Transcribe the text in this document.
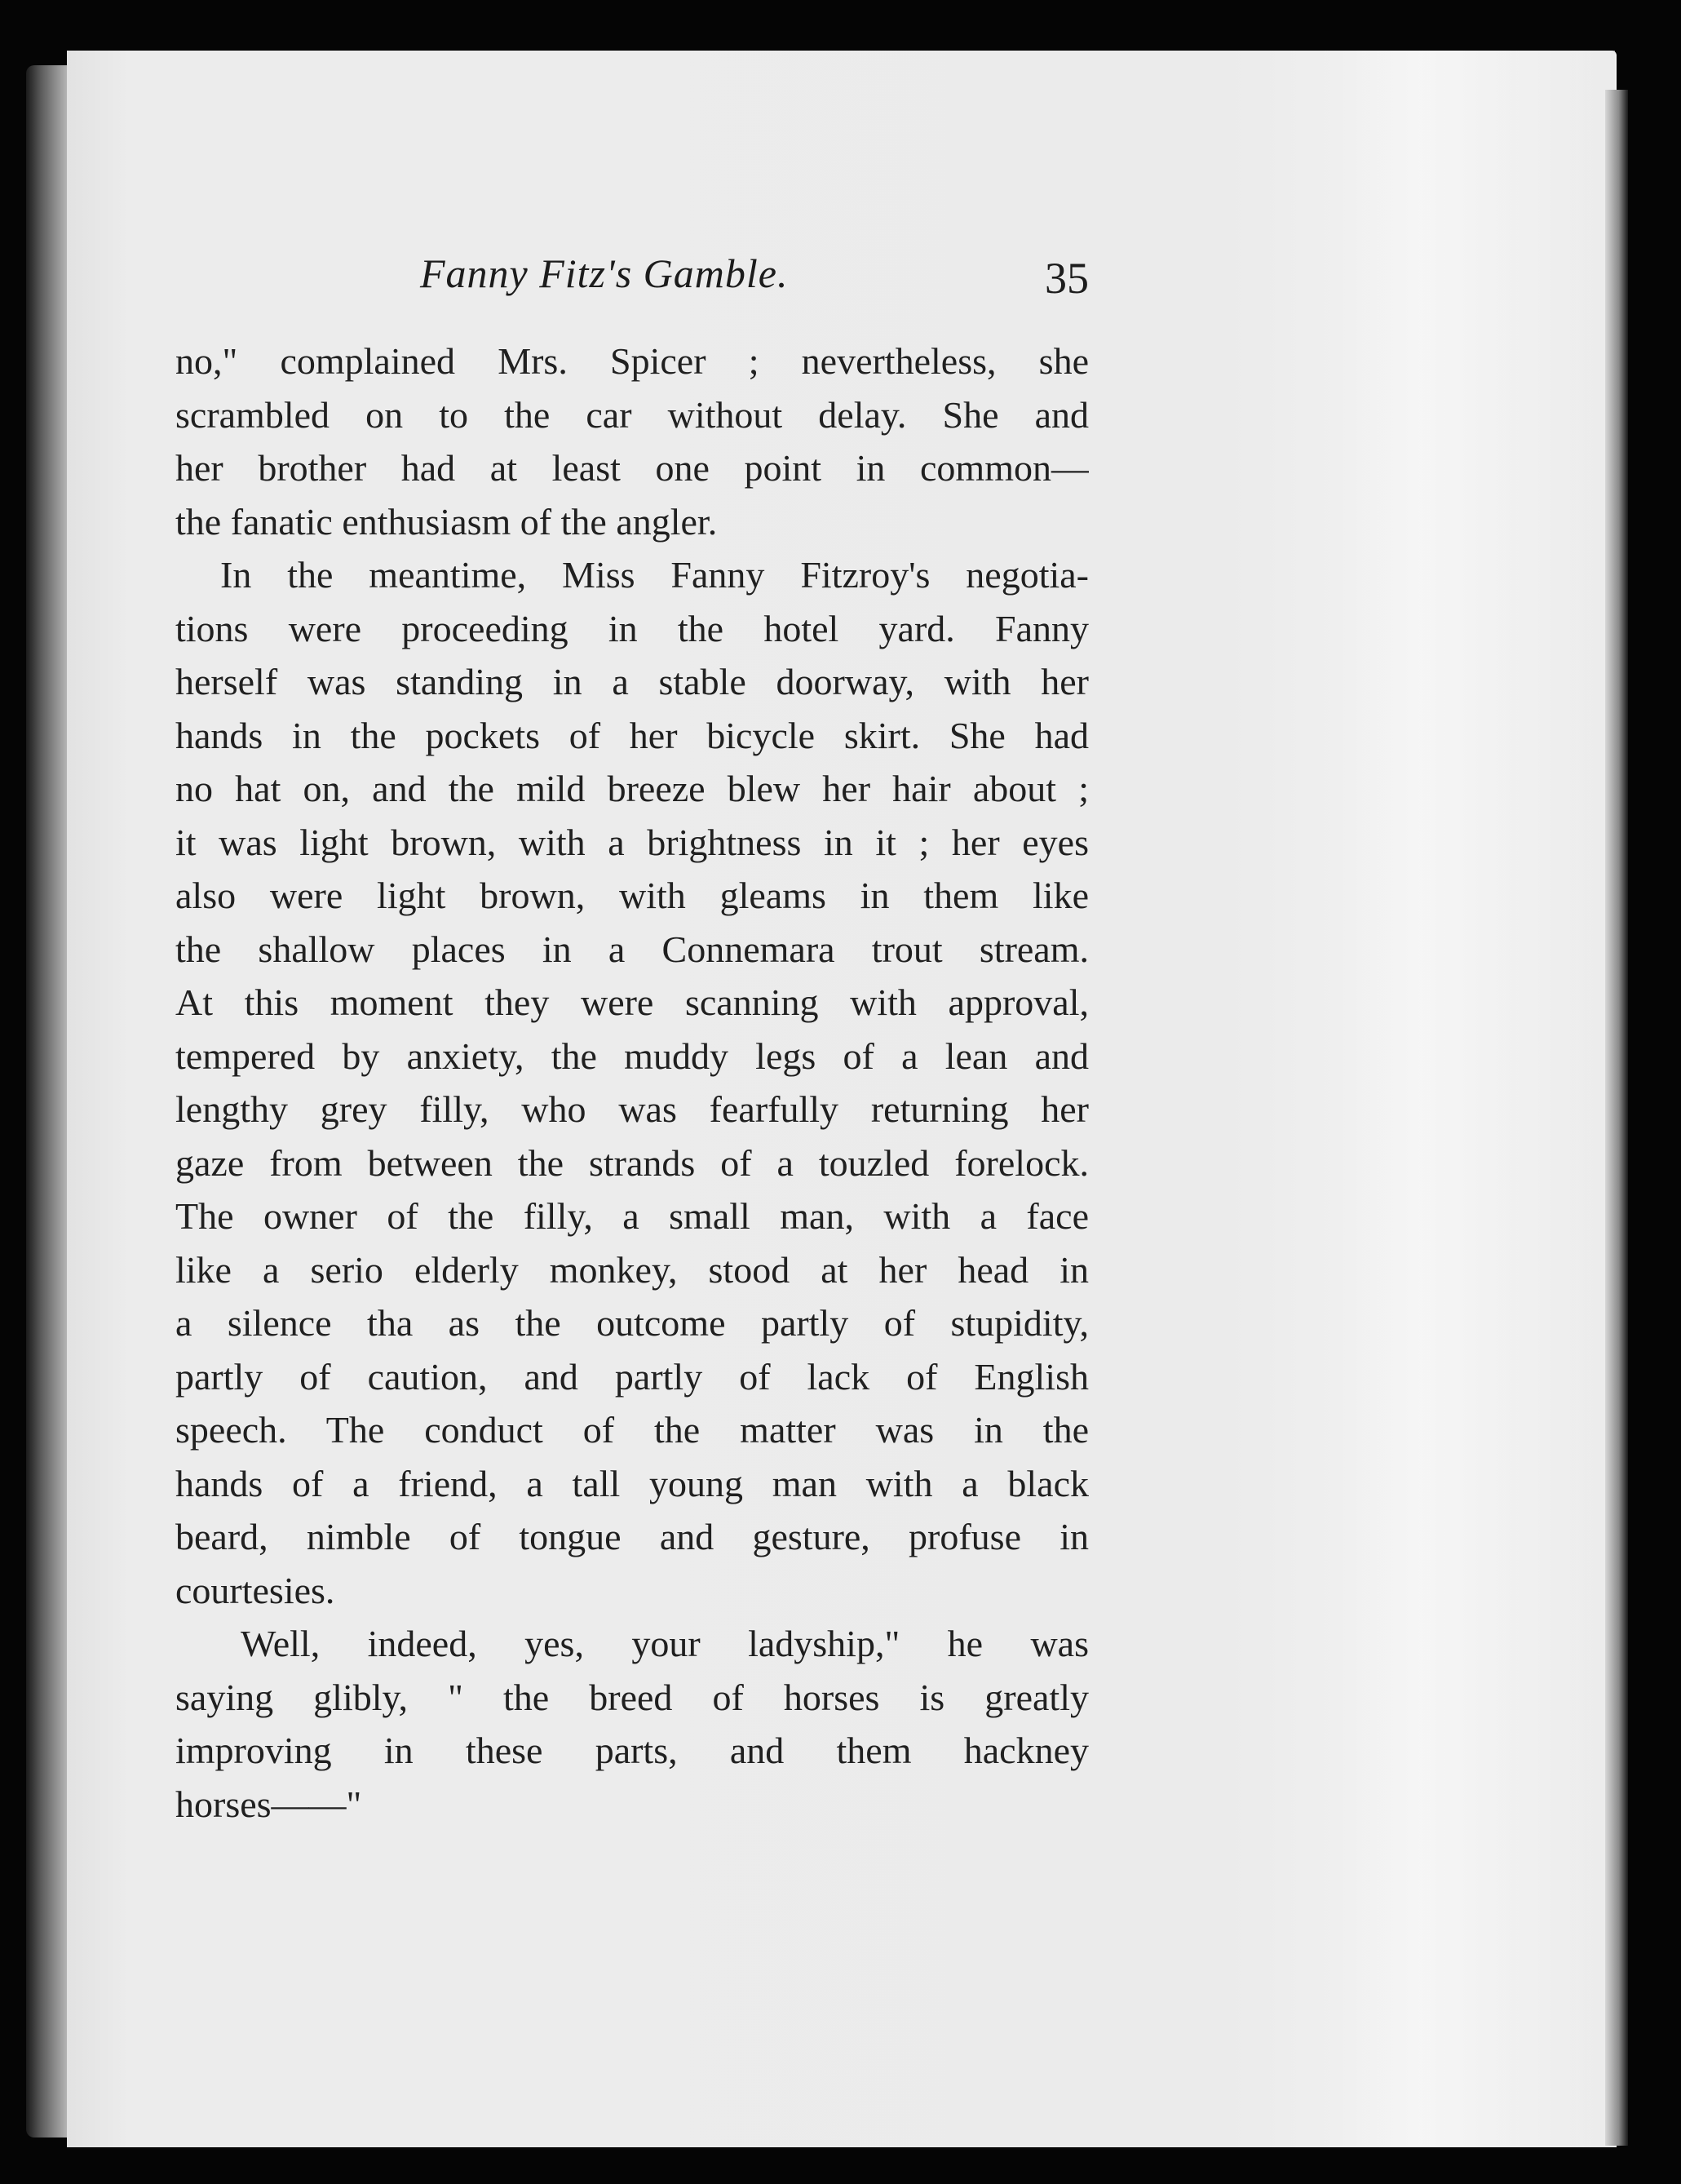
Fanny Fitz's Gamble.	35
no," complained Mrs. Spicer ; nevertheless, she
scrambled on to the car without delay. She and
her brother had at least one point in common—
the fanatic enthusiasm of the angler.
In the meantime, Miss Fanny Fitzroy's negotia-
tions were proceeding in the hotel yard. Fanny
herself was standing in a stable doorway, with her
hands in the pockets of her bicycle skirt. She had
no hat on, and the mild breeze blew her hair about ;
it was light brown, with a brightness in it ; her eyes
also were light brown, with gleams in them like
the shallow places in a Connemara trout stream.
At this moment they were scanning with approval,
tempered by anxiety, the muddy legs of a lean and
lengthy grey filly, who was fearfully returning her
gaze from between the strands of a touzled forelock.
The owner of the filly, a small man, with a face
like a serio elderly monkey, stood at her head in
a silence tha as the outcome partly of stupidity,
partly of caution, and partly of lack of English
speech. The conduct of the matter was in the
hands of a friend, a tall young man with a black
beard, nimble of tongue and gesture, profuse in
courtesies.
Well, indeed, yes, your ladyship," he was
saying glibly, " the breed of horses is greatly
improving in these parts, and them hackney
horses——"
